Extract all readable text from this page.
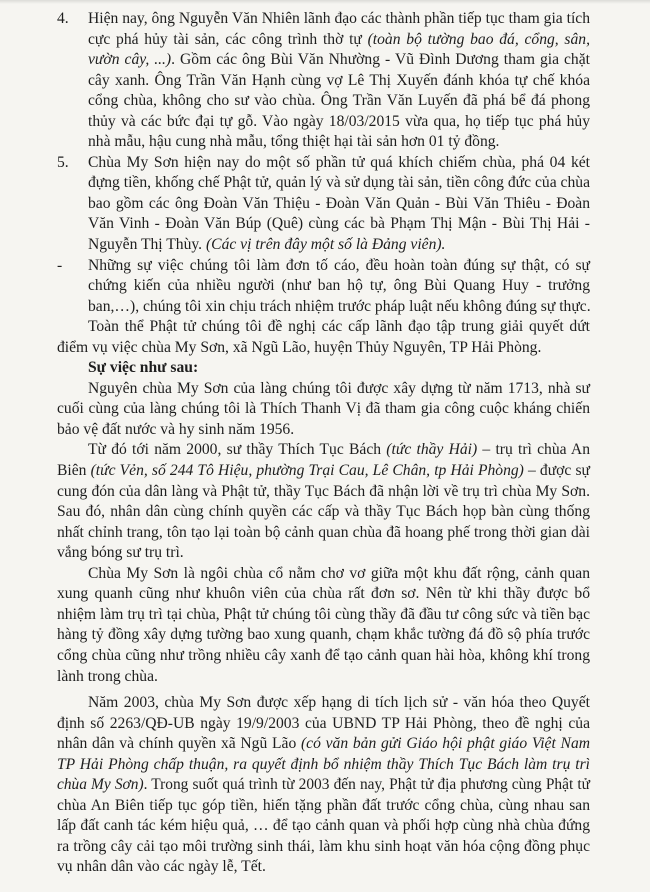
4. Hiện nay, ông Nguyễn Văn Nhiên lãnh đạo các thành phần tiếp tục tham gia tích
cực phá hủy tài sản, các công trình thờ tự (toàn bộ tường bao đá, cổng, sân,
vườn cây, ...). Gồm các ông Bùi Văn Nhường - Vũ Đình Dương tham gia chặt
cây xanh. Ông Trần Văn Hạnh cùng vợ Lê Thị Xuyến đánh khóa tự chế khóa
cổng chùa, không cho sư vào chùa. Ông Trần Văn Luyến đã phá bể đá phong
thủy và các bức đại tự gỗ. Vào ngày 18/03/2015 vừa qua, họ tiếp tục phá hủy
nhà mẫu, hậu cung nhà mẫu, tổng thiệt hại tài sản hơn 01 tỷ đồng.
5. Chùa My Sơn hiện nay do một số phần tử quá khích chiếm chùa, phá 04 két
đựng tiền, khống chế Phật tử, quản lý và sử dụng tài sản, tiền công đức của chùa
bao gồm các ông Đoàn Văn Thiệu - Đoàn Văn Quản - Bùi Văn Thiêu - Đoàn
Văn Vinh - Đoàn Văn Búp (Quê) cùng các bà Phạm Thị Mận - Bùi Thị Hải -
Nguyễn Thị Thùy. (Các vị trên đây một số là Đảng viên).
- Những sự việc chúng tôi làm đơn tố cáo, đều hoàn toàn đúng sự thật, có sự
chứng kiến của nhiều người (như ban hộ tự, ông Bùi Quang Huy - trưởng
ban,…), chúng tôi xin chịu trách nhiệm trước pháp luật nếu không đúng sự thực.
Toàn thể Phật tử chúng tôi đề nghị các cấp lãnh đạo tập trung giải quyết dứt
điểm vụ việc chùa My Sơn, xã Ngũ Lão, huyện Thủy Nguyên, TP Hải Phòng.
Sự việc như sau:
Nguyên chùa My Sơn của làng chúng tôi được xây dựng từ năm 1713, nhà sư
cuối cùng của làng chúng tôi là Thích Thanh Vị đã tham gia công cuộc kháng chiến
bảo vệ đất nước và hy sinh năm 1956.
Từ đó tới năm 2000, sư thầy Thích Tục Bách (tức thầy Hải) – trụ trì chùa An
Biên (tức Vẻn, số 244 Tô Hiệu, phường Trại Cau, Lê Chân, tp Hải Phòng) – được sự
cung đón của dân làng và Phật tử, thầy Tục Bách đã nhận lời về trụ trì chùa My Sơn.
Sau đó, nhân dân cùng chính quyền các cấp và thầy Tục Bách họp bàn cùng thống
nhất chỉnh trang, tôn tạo lại toàn bộ cảnh quan chùa đã hoang phế trong thời gian dài
vắng bóng sư trụ trì.
Chùa My Sơn là ngôi chùa cổ nằm chơ vơ giữa một khu đất rộng, cảnh quan
xung quanh cũng như khuôn viên của chùa rất đơn sơ. Nên từ khi thầy được bổ
nhiệm làm trụ trì tại chùa, Phật tử chúng tôi cùng thầy đã đầu tư công sức và tiền bạc
hàng tỷ đồng xây dựng tường bao xung quanh, chạm khắc tường đá đồ sộ phía trước
cổng chùa cũng như trồng nhiều cây xanh để tạo cảnh quan hài hòa, không khí trong
lành trong chùa.
Năm 2003, chùa My Sơn được xếp hạng di tích lịch sử - văn hóa theo Quyết
định số 2263/QĐ-UB ngày 19/9/2003 của UBND TP Hải Phòng, theo đề nghị của
nhân dân và chính quyền xã Ngũ Lão (có văn bản gửi Giáo hội phật giáo Việt Nam
TP Hải Phòng chấp thuận, ra quyết định bổ nhiệm thầy Thích Tục Bách làm trụ trì
chùa My Sơn). Trong suốt quá trình từ 2003 đến nay, Phật tử địa phương cùng Phật tử
chùa An Biên tiếp tục góp tiền, hiến tặng phần đất trước cổng chùa, cùng nhau san
lấp đất canh tác kém hiệu quả, … để tạo cảnh quan và phối hợp cùng nhà chùa đứng
ra trồng cây cải tạo môi trường sinh thái, làm khu sinh hoạt văn hóa cộng đồng phục
vụ nhân dân vào các ngày lễ, Tết.
